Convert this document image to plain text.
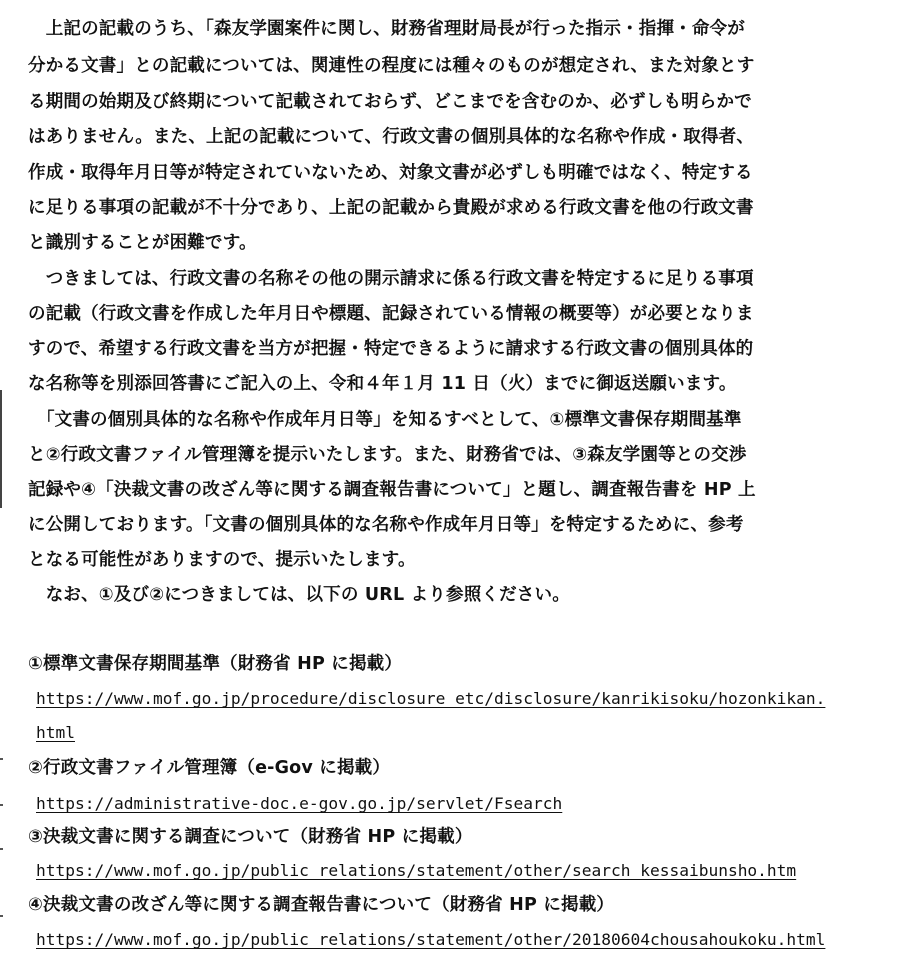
　上記の記載のうち、「森友学園案件に関し、財務省理財局長が行った指示・指揮・命令が
分かる文書」との記載については、関連性の程度には種々のものが想定され、また対象とす
る期間の始期及び終期について記載されておらず、どこまでを含むのか、必ずしも明らかで
はありません。また、上記の記載について、行政文書の個別具体的な名称や作成・取得者、
作成・取得年月日等が特定されていないため、対象文書が必ずしも明確ではなく、特定する
に足りる事項の記載が不十分であり、上記の記載から貴殿が求める行政文書を他の行政文書
と識別することが困難です。
　つきましては、行政文書の名称その他の開示請求に係る行政文書を特定するに足りる事項
の記載（行政文書を作成した年月日や標題、記録されている情報の概要等）が必要となりま
すので、希望する行政文書を当方が把握・特定できるように請求する行政文書の個別具体的
な名称等を別添回答書にご記入の上、令和４年１月 11 日（火）までに御返送願います。
　「文書の個別具体的な名称や作成年月日等」を知るすべとして、①標準文書保存期間基準
と②行政文書ファイル管理簿を提示いたします。また、財務省では、③森友学園等との交渉
記録や④「決裁文書の改ざん等に関する調査報告書について」と題し、調査報告書を HP 上
に公開しております。「文書の個別具体的な名称や作成年月日等」を特定するために、参考
となる可能性がありますので、提示いたします。
　なお、①及び②につきましては、以下の URL より参照ください。
①標準文書保存期間基準（財務省 HP に掲載）
https://www.mof.go.jp/procedure/disclosure_etc/disclosure/kanrikisoku/hozonkikan.
html
②行政文書ファイル管理簿（e-Gov に掲載）
https://administrative-doc.e-gov.go.jp/servlet/Fsearch
③決裁文書に関する調査について（財務省 HP に掲載）
https://www.mof.go.jp/public_relations/statement/other/search_kessaibunsho.htm
④決裁文書の改ざん等に関する調査報告書について（財務省 HP に掲載）
https://www.mof.go.jp/public_relations/statement/other/20180604chousahoukoku.html
